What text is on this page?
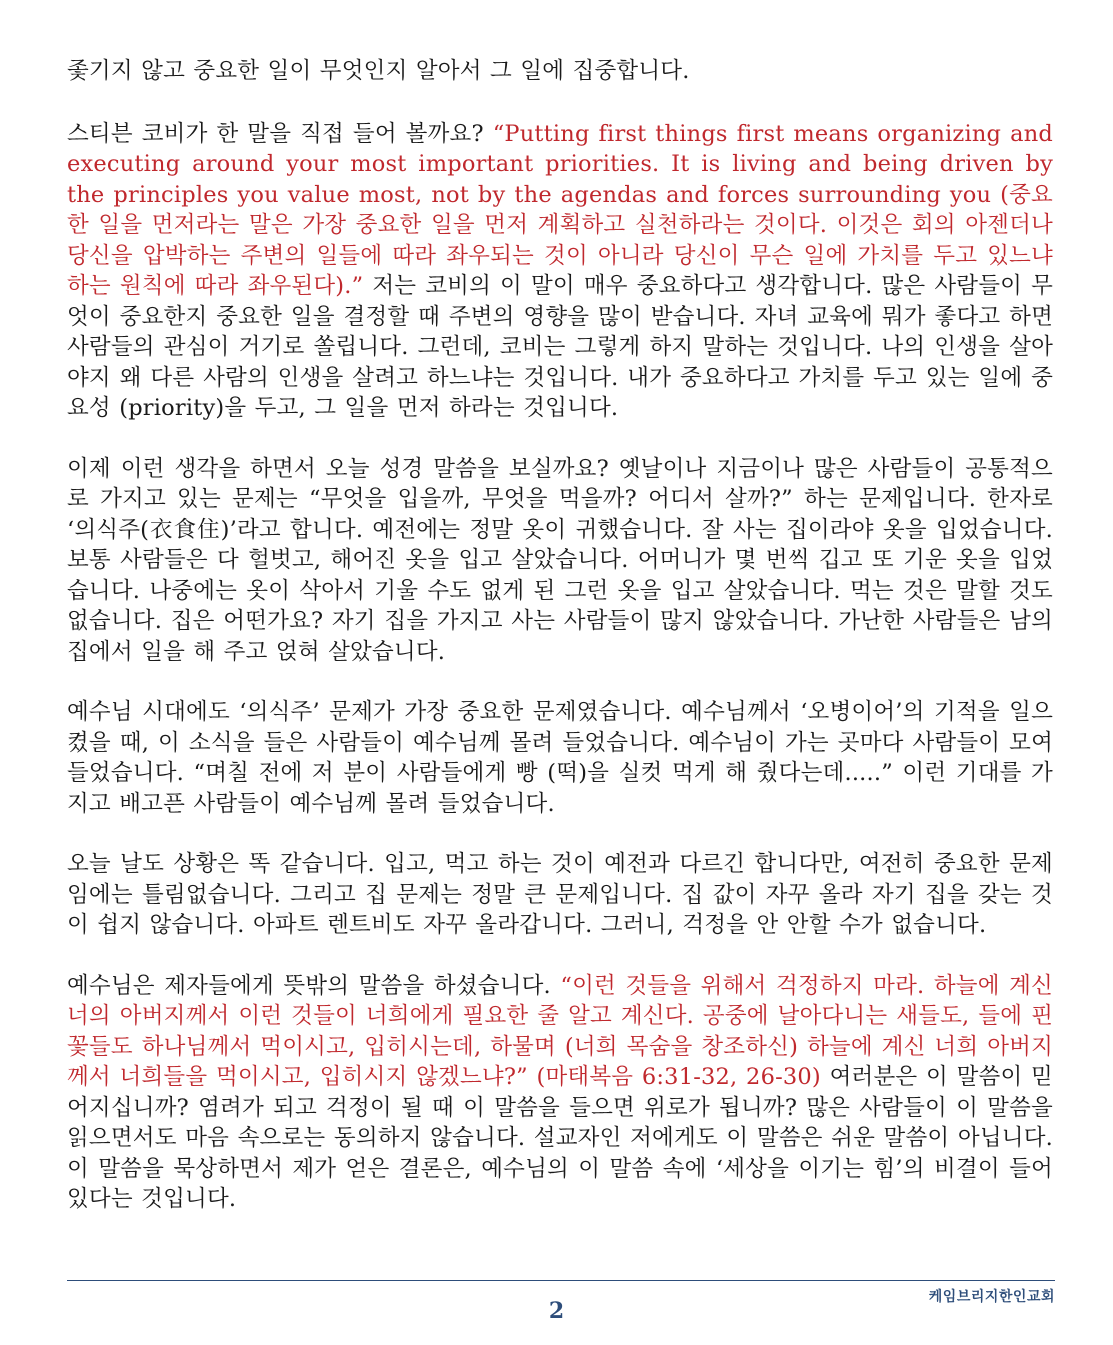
좇기지 않고 중요한 일이 무엇인지 알아서 그 일에 집중합니다.

스티븐 코비가 한 말을 직접 들어 볼까요? “Putting first things first means organizing and executing around your most important priorities. It is living and being driven by the principles you value most, not by the agendas and forces surrounding you (중요한 일을 먼저라는 말은 가장 중요한 일을 먼저 계획하고 실천하라는 것이다. 이것은 회의 아젠더나 당신을 압박하는 주변의 일들에 따라 좌우되는 것이 아니라 당신이 무슨 일에 가치를 두고 있느냐 하는 원칙에 따라 좌우된다).” 저는 코비의 이 말이 매우 중요하다고 생각합니다. 많은 사람들이 무엇이 중요한지 중요한 일을 결정할 때 주변의 영향을 많이 받습니다. 자녀 교육에 뭐가 좋다고 하면 사람들의 관심이 거기로 쏠립니다. 그런데, 코비는 그렇게 하지 말하는 것입니다. 나의 인생을 살아야지 왜 다른 사람의 인생을 살려고 하느냐는 것입니다. 내가 중요하다고 가치를 두고 있는 일에 중요성 (priority)을 두고, 그 일을 먼저 하라는 것입니다.

이제 이런 생각을 하면서 오늘 성경 말씀을 보실까요? 옛날이나 지금이나 많은 사람들이 공통적으로 가지고 있는 문제는 “무엇을 입을까, 무엇을 먹을까? 어디서 살까?” 하는 문제입니다. 한자로 ‘의식주(衣食住)’라고 합니다. 예전에는 정말 옷이 귀했습니다. 잘 사는 집이라야 옷을 입었습니다. 보통 사람들은 다 헐벗고, 해어진 옷을 입고 살았습니다. 어머니가 몇 번씩 깁고 또 기운 옷을 입었습니다. 나중에는 옷이 삭아서 기울 수도 없게 된 그런 옷을 입고 살았습니다. 먹는 것은 말할 것도 없습니다. 집은 어떤가요? 자기 집을 가지고 사는 사람들이 많지 않았습니다. 가난한 사람들은 남의 집에서 일을 해 주고 얹혀 살았습니다.

예수님 시대에도 ‘의식주’ 문제가 가장 중요한 문제였습니다. 예수님께서 ‘오병이어’의 기적을 일으켰을 때, 이 소식을 들은 사람들이 예수님께 몰려 들었습니다. 예수님이 가는 곳마다 사람들이 모여 들었습니다. “며칠 전에 저 분이 사람들에게 빵 (떡)을 실컷 먹게 해 줬다는데.....” 이런 기대를 가지고 배고픈 사람들이 예수님께 몰려 들었습니다.

오늘 날도 상황은 똑 같습니다. 입고, 먹고 하는 것이 예전과 다르긴 합니다만, 여전히 중요한 문제임에는 틀림없습니다. 그리고 집 문제는 정말 큰 문제입니다. 집 값이 자꾸 올라 자기 집을 갖는 것이 쉽지 않습니다. 아파트 렌트비도 자꾸 올라갑니다. 그러니, 걱정을 안 안할 수가 없습니다.

예수님은 제자들에게 뜻밖의 말씀을 하셨습니다. “이런 것들을 위해서 걱정하지 마라. 하늘에 계신 너의 아버지께서 이런 것들이 너희에게 필요한 줄 알고 계신다. 공중에 날아다니는 새들도, 들에 핀 꽃들도 하나님께서 먹이시고, 입히시는데, 하물며 (너희 목숨을 창조하신) 하늘에 계신 너희 아버지께서 너희들을 먹이시고, 입히시지 않겠느냐?” (마태복음 6:31-32, 26-30) 여러분은 이 말씀이 믿어지십니까? 염려가 되고 걱정이 될 때 이 말씀을 들으면 위로가 됩니까? 많은 사람들이 이 말씀을 읽으면서도 마음 속으로는 동의하지 않습니다. 설교자인 저에게도 이 말씀은 쉬운 말씀이 아닙니다. 이 말씀을 묵상하면서 제가 얻은 결론은, 예수님의 이 말씀 속에 ‘세상을 이기는 힘’의 비결이 들어 있다는 것입니다.

케임브리지한인교회
2
